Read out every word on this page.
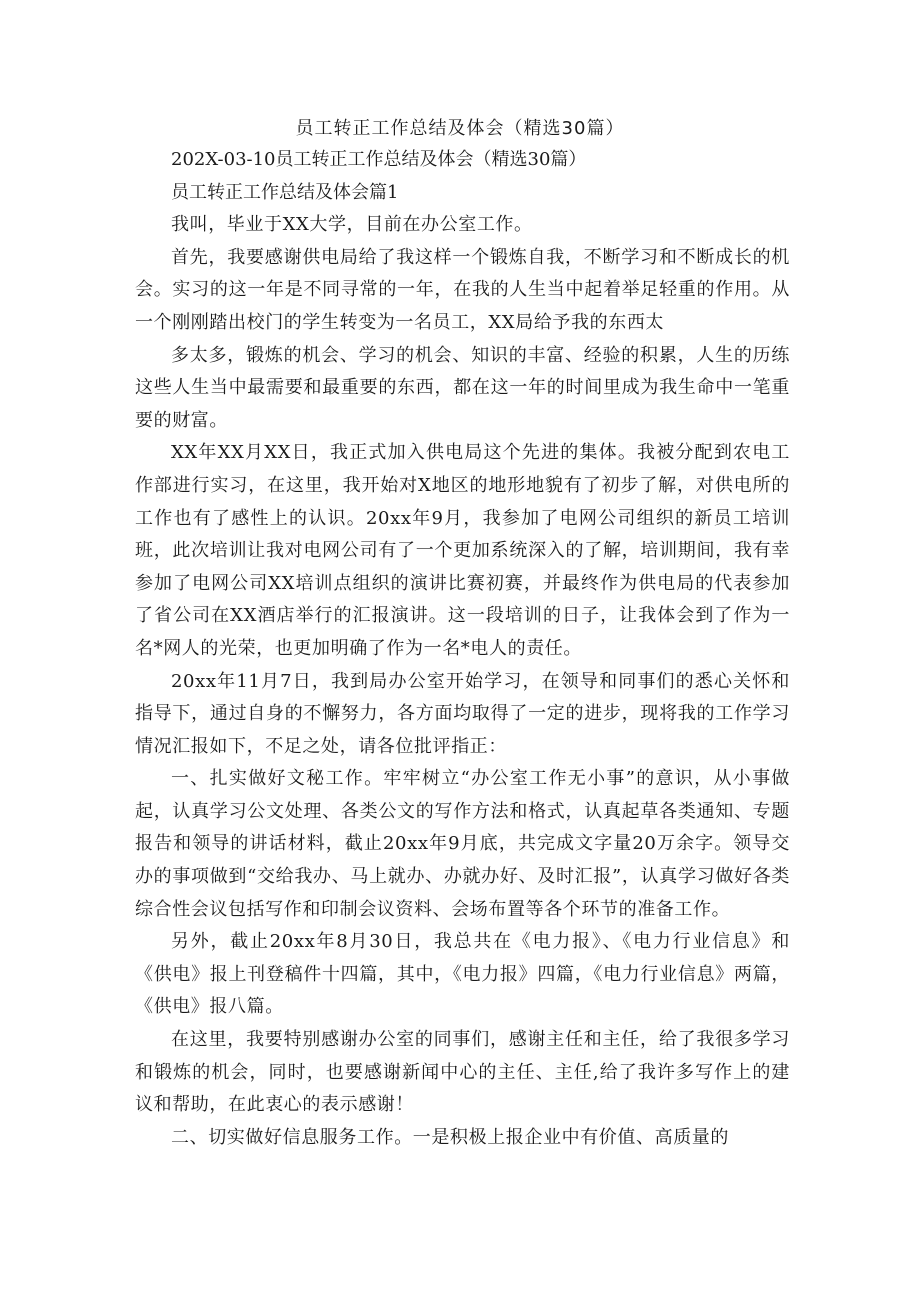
员工转正工作总结及体会（精选30篇）

202X-03-10员工转正工作总结及体会（精选30篇）

员工转正工作总结及体会篇1

我叫，毕业于XX大学，目前在办公室工作。

首先，我要感谢供电局给了我这样一个锻炼自我，不断学习和不断成长的机会。实习的这一年是不同寻常的一年，在我的人生当中起着举足轻重的作用。从一个刚刚踏出校门的学生转变为一名员工，XX局给予我的东西太

多太多，锻炼的机会、学习的机会、知识的丰富、经验的积累，人生的历练这些人生当中最需要和最重要的东西，都在这一年的时间里成为我生命中一笔重要的财富。

XX年XX月XX日，我正式加入供电局这个先进的集体。我被分配到农电工作部进行实习，在这里，我开始对X地区的地形地貌有了初步了解，对供电所的工作也有了感性上的认识。20xx年9月，我参加了电网公司组织的新员工培训班，此次培训让我对电网公司有了一个更加系统深入的了解，培训期间，我有幸参加了电网公司XX培训点组织的演讲比赛初赛，并最终作为供电局的代表参加了省公司在XX酒店举行的汇报演讲。这一段培训的日子，让我体会到了作为一名*网人的光荣，也更加明确了作为一名*电人的责任。

20xx年11月7日，我到局办公室开始学习，在领导和同事们的悉心关怀和指导下，通过自身的不懈努力，各方面均取得了一定的进步，现将我的工作学习情况汇报如下，不足之处，请各位批评指正：

一、扎实做好文秘工作。牢牢树立“办公室工作无小事”的意识，从小事做起，认真学习公文处理、各类公文的写作方法和格式，认真起草各类通知、专题报告和领导的讲话材料，截止20xx年9月底，共完成文字量20万余字。领导交办的事项做到“交给我办、马上就办、办就办好、及时汇报”，认真学习做好各类综合性会议包括写作和印制会议资料、会场布置等各个环节的准备工作。

另外，截止20xx年8月30日，我总共在《电力报》、《电力行业信息》和《供电》报上刊登稿件十四篇，其中，《电力报》四篇，《电力行业信息》两篇，《供电》报八篇。

在这里，我要特别感谢办公室的同事们，感谢主任和主任，给了我很多学习和锻炼的机会，同时，也要感谢新闻中心的主任、主任,给了我许多写作上的建议和帮助，在此衷心的表示感谢！

二、切实做好信息服务工作。一是积极上报企业中有价值、高质量的
